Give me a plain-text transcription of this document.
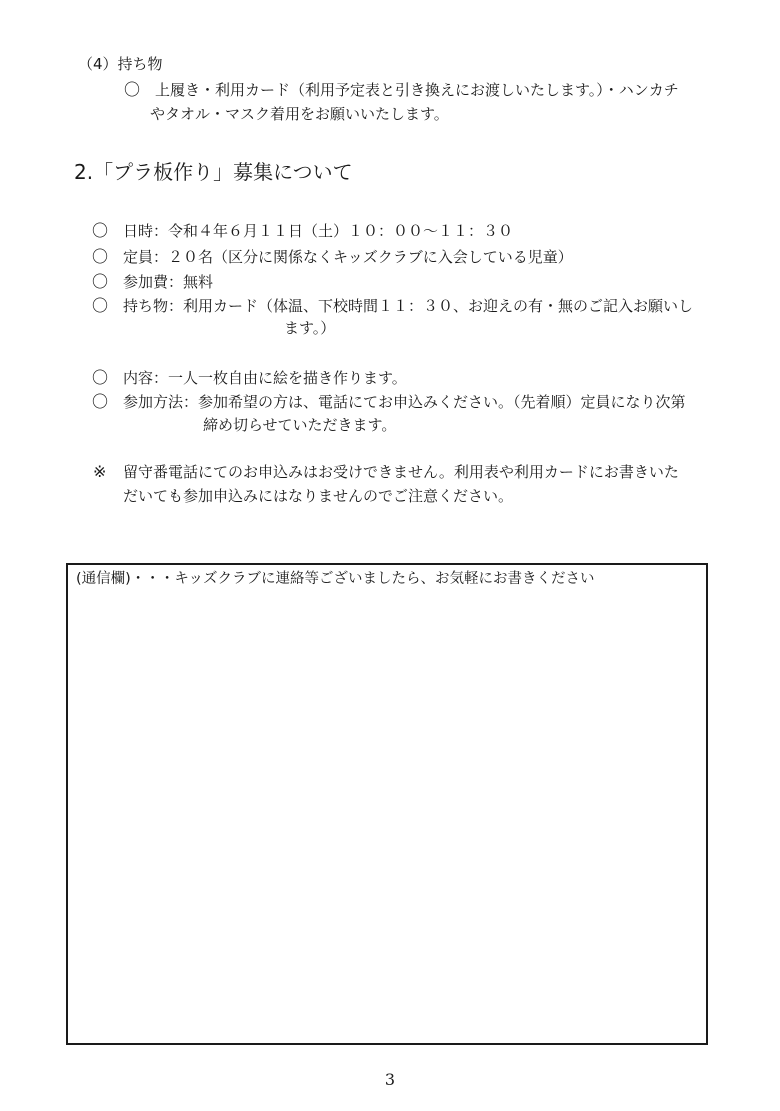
（4）持ち物
〇 上履き・利用カード（利用予定表と引き換えにお渡しいたします。）・ハンカチ
やタオル・マスク着用をお願いいたします。
2.「プラ板作り」募集について
〇 日時：令和４年６月１１日（土）１０：００～１１：３０
〇 定員：２０名（区分に関係なくキッズクラブに入会している児童）
〇 参加費：無料
〇 持ち物：利用カード（体温、下校時間１１：３０、お迎えの有・無のご記入お願いし
ます。）
〇 内容：一人一枚自由に絵を描き作ります。
〇 参加方法：参加希望の方は、電話にてお申込みください。（先着順）定員になり次第
締め切らせていただきます。
※ 留守番電話にてのお申込みはお受けできません。利用表や利用カードにお書きいた
だいても参加申込みにはなりませんのでご注意ください。
(通信欄)・・・キッズクラブに連絡等ございましたら、お気軽にお書きください
3
